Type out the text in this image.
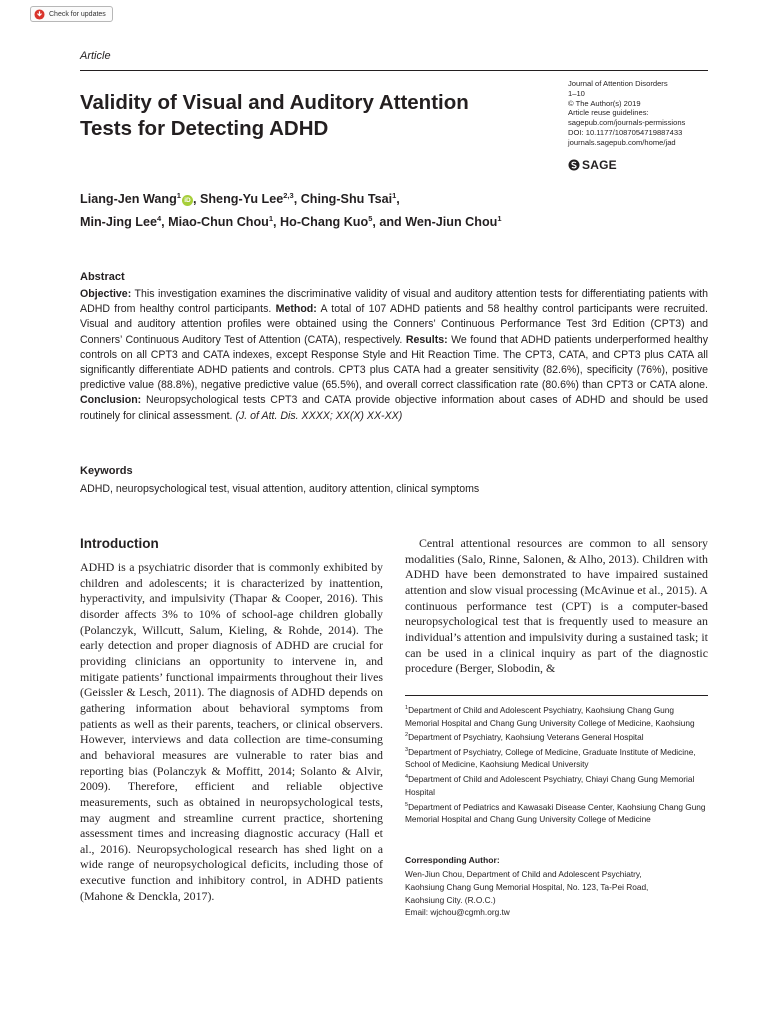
Check for updates
Article
Validity of Visual and Auditory Attention
Tests for Detecting ADHD
Journal of Attention Disorders
1–10
© The Author(s) 2019
Article reuse guidelines:
sagepub.com/journals-permissions
DOI: 10.1177/1087054719887433
journals.sagepub.com/home/jad
SAGE
Liang-Jen Wang$^1$iD , Sheng-Yu Lee$^{2,3}$, Ching-Shu Tsai$^1$,
Min-Jing Lee$^4$, Miao-Chun Chou$^1$, Ho-Chang Kuo$^5$, and Wen-Jiun Chou$^1$
Abstract
Objective: This investigation examines the discriminative validity of visual and auditory attention tests for differentiating patients with ADHD from healthy control participants. Method: A total of 107 ADHD patients and 58 healthy control participants were recruited. Visual and auditory attention profiles were obtained using the Conners’ Continuous Performance Test 3rd Edition (CPT3) and Conners’ Continuous Auditory Test of Attention (CATA), respectively. Results: We found that ADHD patients underperformed healthy controls on all CPT3 and CATA indexes, except Response Style and Hit Reaction Time. The CPT3, CATA, and CPT3 plus CATA all significantly differentiate ADHD patients and controls. CPT3 plus CATA had a greater sensitivity (82.6%), specificity (76%), positive predictive value (88.8%), negative predictive value (65.5%), and overall correct classification rate (80.6%) than CPT3 or CATA alone. Conclusion: Neuropsychological tests CPT3 and CATA provide objective information about cases of ADHD and should be used routinely for clinical assessment. (J. of Att. Dis. XXXX; XX(X) XX-XX)
Keywords
ADHD, neuropsychological test, visual attention, auditory attention, clinical symptoms
Introduction

ADHD is a psychiatric disorder that is commonly exhibited by children and adolescents; it is characterized by inattention, hyperactivity, and impulsivity (Thapar & Cooper, 2016). This disorder affects 3% to 10% of school-age children globally (Polanczyk, Willcutt, Salum, Kieling, & Rohde, 2014). The early detection and proper diagnosis of ADHD are crucial for providing clinicians an opportunity to intervene in, and mitigate patients’ functional impairments throughout their lives (Geissler & Lesch, 2011). The diagnosis of ADHD depends on gathering information about behavioral symptoms from patients as well as their parents, teachers, or clinical observers. However, interviews and data collection are time-consuming and behavioral measures are vulnerable to rater bias and reporting bias (Polanczyk & Moffitt, 2014; Solanto & Alvir, 2009). Therefore, efficient and reliable objective measurements, such as obtained in neuropsychological tests, may augment and streamline current practice, shortening assessment times and increasing diagnostic accuracy (Hall et al., 2016). Neuropsychological research has shed light on a wide range of neuropsychological deficits, including those of executive function and inhibitory control, in ADHD patients (Mahone & Denckla, 2017).

Central attentional resources are common to all sensory modalities (Salo, Rinne, Salonen, & Alho, 2013). Children with ADHD have been demonstrated to have impaired sustained attention and slow visual processing (McAvinue et al., 2015). A continuous performance test (CPT) is a computer-based neuropsychological test that is frequently used to measure an individual’s attention and impulsivity during a sustained task; it can be used in a clinical inquiry as part of the diagnostic procedure (Berger, Slobodin, &

$^1$Department of Child and Adolescent Psychiatry, Kaohsiung Chang Gung Memorial Hospital and Chang Gung University College of Medicine, Kaohsiung
$^2$Department of Psychiatry, Kaohsiung Veterans General Hospital
$^3$Department of Psychiatry, College of Medicine, Graduate Institute of Medicine, School of Medicine, Kaohsiung Medical University
$^4$Department of Child and Adolescent Psychiatry, Chiayi Chang Gung Memorial Hospital
$^5$Department of Pediatrics and Kawasaki Disease Center, Kaohsiung Chang Gung Memorial Hospital and Chang Gung University College of Medicine
Corresponding Author:
Wen-Jiun Chou, Department of Child and Adolescent Psychiatry,
Kaohsiung Chang Gung Memorial Hospital, No. 123, Ta-Pei Road,
Kaohsiung City. (R.O.C.)
Email: wjchou@cgmh.org.tw
